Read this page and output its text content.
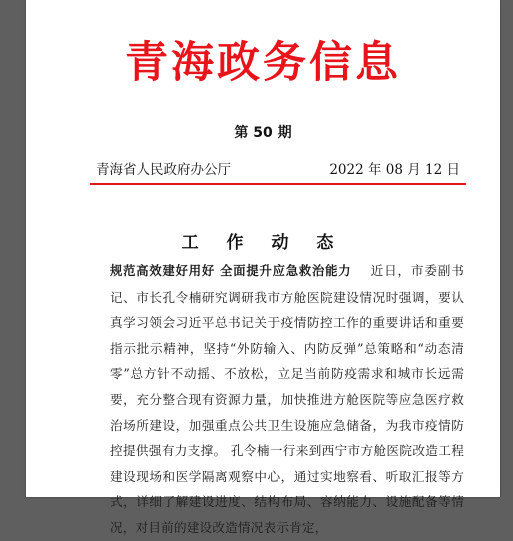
青海政务信息
第 50 期
青海省人民政府办公厅	2022 年 08 月 12 日
工 作 动 态

规范高效建好用好 全面提升应急救治能力 近日，市委副书记、市长孔令楠研究调研我市方舱医院建设情况时强调，要认真学习领会习近平总书记关于疫情防控工作的重要讲话和重要指示批示精神，坚持“外防输入、内防反弹”总策略和“动态清零”总方针不动摇、不放松，立足当前防疫需求和城市长远需要，充分整合现有资源力量，加快推进方舱医院等应急医疗救治场所建设，加强重点公共卫生设施应急储备，为我市疫情防控提供强有力支撑。 孔令楠一行来到西宁市方舱医院改造工程建设现场和医学隔离观察中心，通过实地察看、听取汇报等方式，详细了解建设进度、结构布局、容纳能力、设施配备等情况，对目前的建设改造情况表示肯定，
